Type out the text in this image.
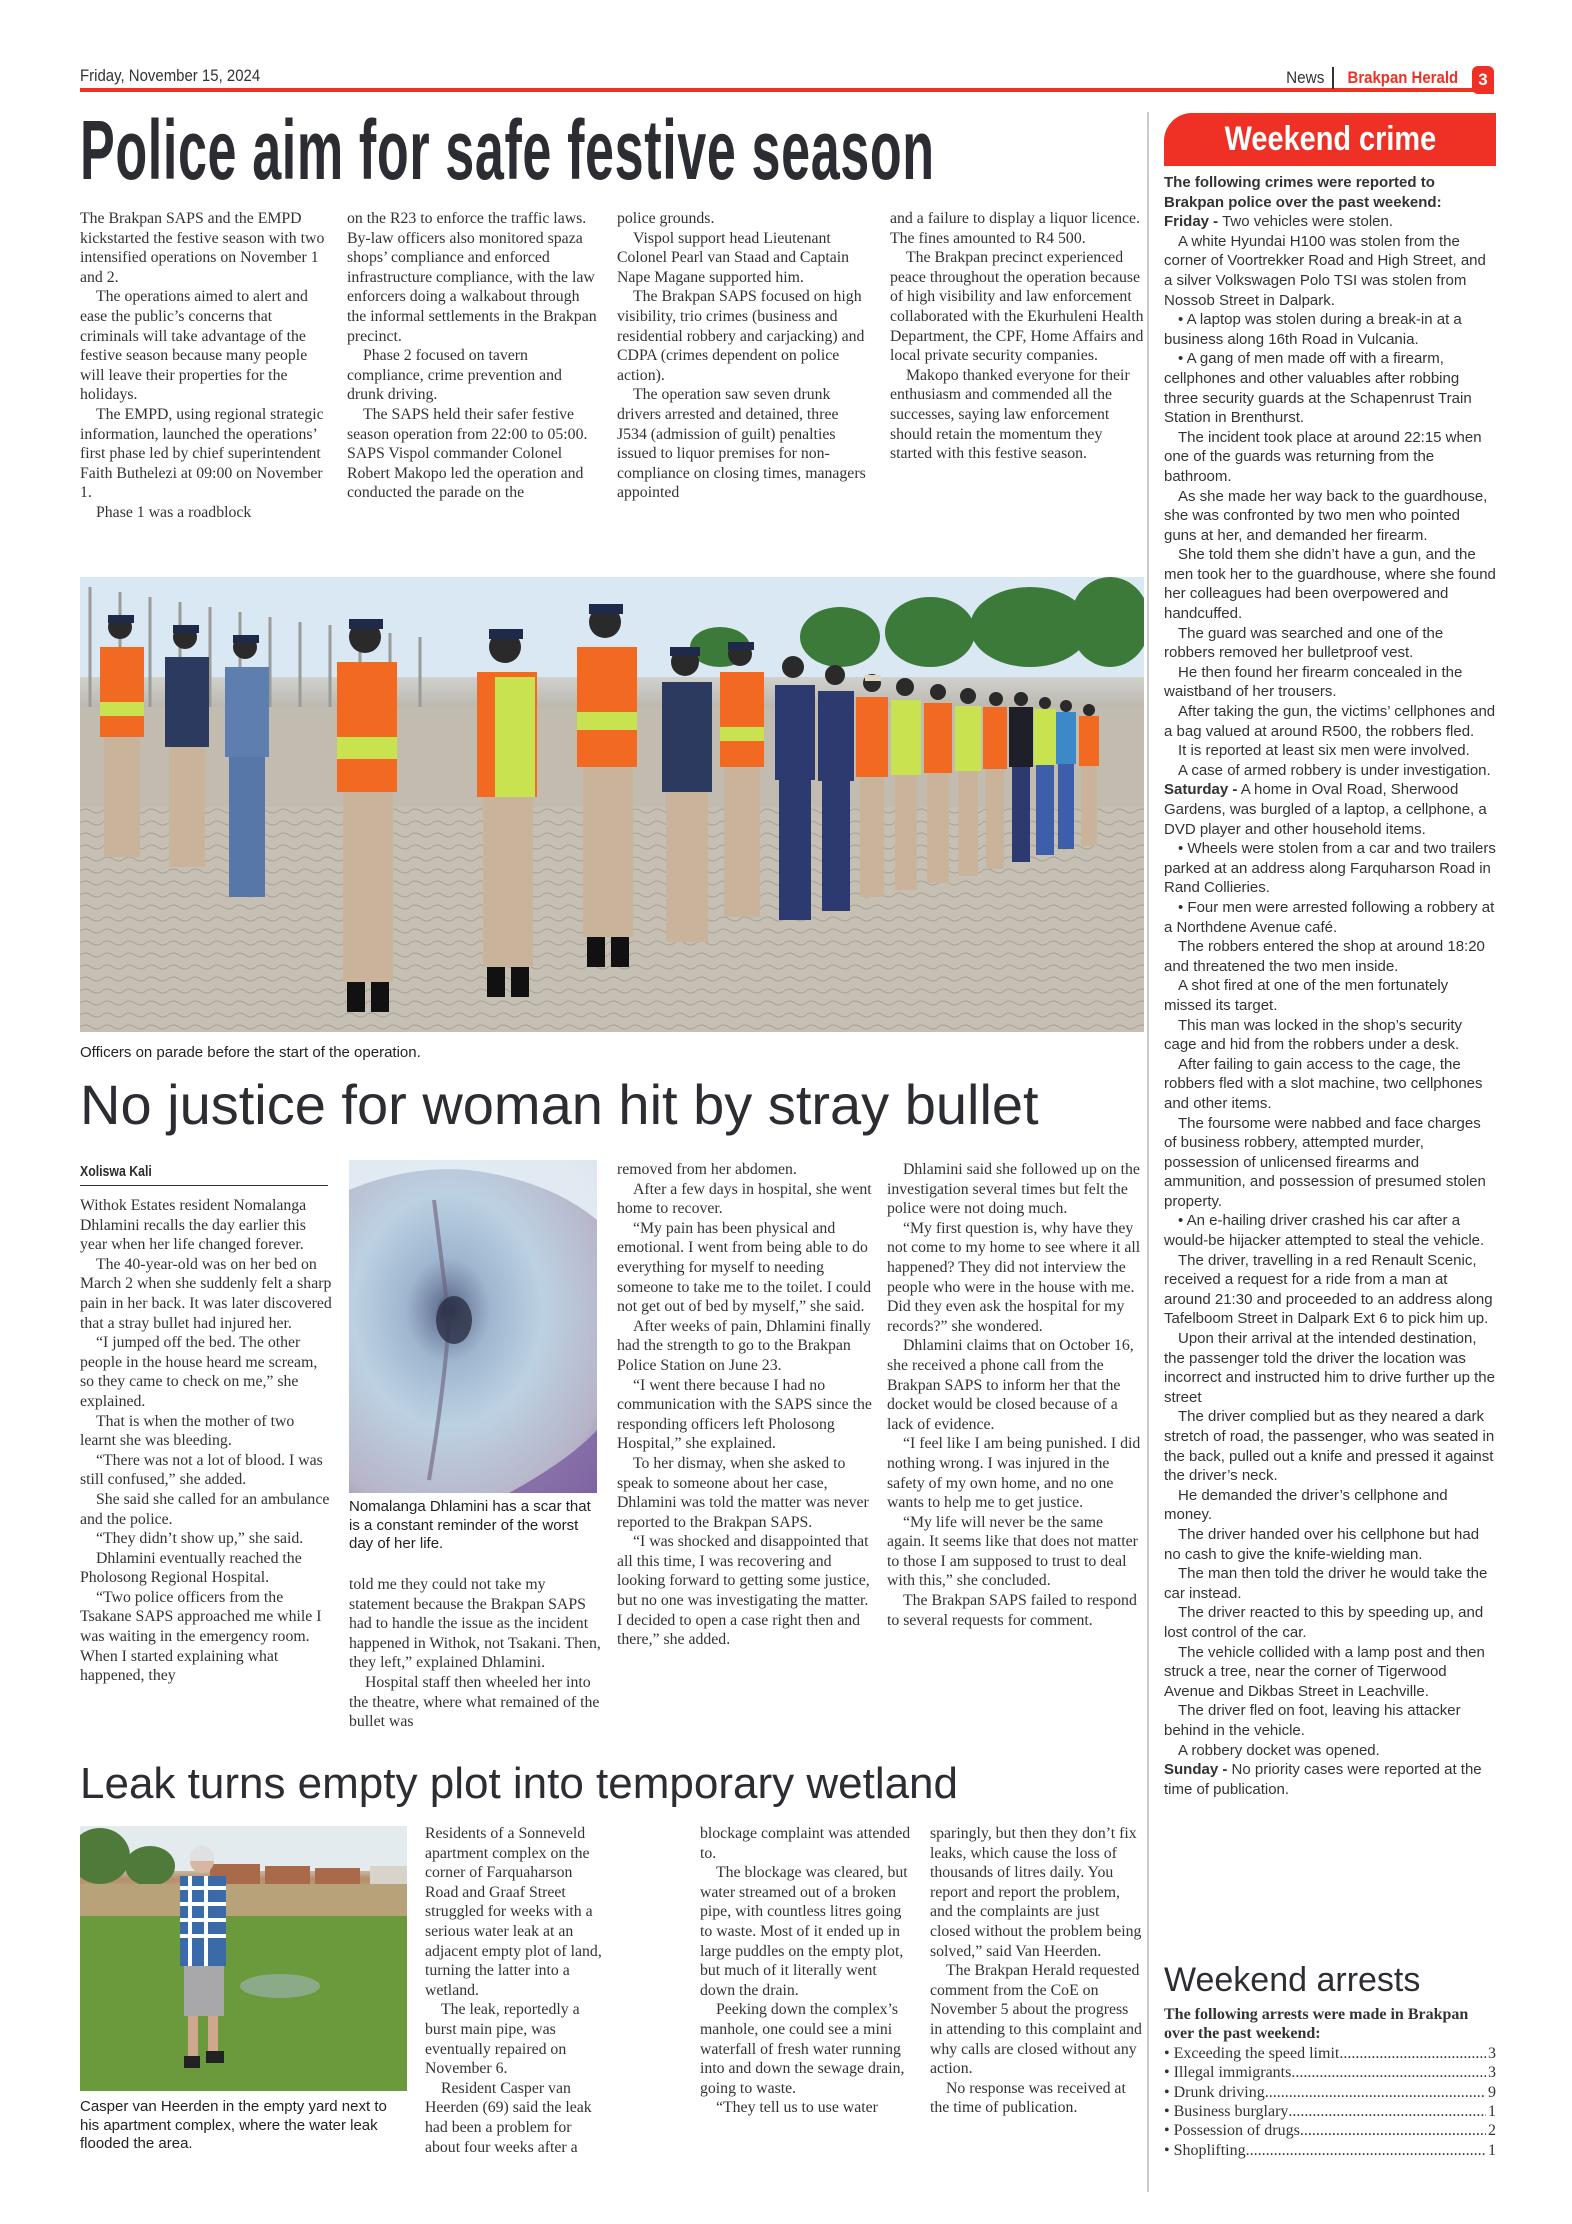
Friday, November 15, 2024	News Brakpan Herald	3
Police aim for safe festive season

The Brakpan SAPS and the EMPD kickstarted the festive season with two intensified operations on November 1 and 2.

The operations aimed to alert and ease the public’s concerns that criminals will take advantage of the festive season because many people will leave their properties for the holidays.

The EMPD, using regional strategic information, launched the operations’ first phase led by chief superintendent Faith Buthelezi at 09:00 on November 1.

Phase 1 was a roadblock

on the R23 to enforce the traffic laws. By-law officers also monitored spaza shops’ compliance and enforced infrastructure compliance, with the law enforcers doing a walkabout through the informal settlements in the Brakpan precinct.

Phase 2 focused on tavern compliance, crime prevention and drunk driving.

The SAPS held their safer festive season operation from 22:00 to 05:00. SAPS Vispol commander Colonel Robert Makopo led the operation and conducted the parade on the

police grounds.

Vispol support head Lieutenant Colonel Pearl van Staad and Captain Nape Magane supported him.

The Brakpan SAPS focused on high visibility, trio crimes (business and residential robbery and carjacking) and CDPA (crimes dependent on police action).

The operation saw seven drunk drivers arrested and detained, three J534 (admission of guilt) penalties issued to liquor premises for non-compliance on closing times, managers appointed

and a failure to display a liquor licence. The fines amounted to R4 500.

The Brakpan precinct experienced peace throughout the operation because of high visibility and law enforcement collaborated with the Ekurhuleni Health Department, the CPF, Home Affairs and local private security companies.

Makopo thanked everyone for their enthusiasm and commended all the successes, saying law enforcement should retain the momentum they started with this festive season.

Officers on parade before the start of the operation.
No justice for woman hit by stray bullet
Xoliswa Kali

Withok Estates resident Nomalanga Dhlamini recalls the day earlier this year when her life changed forever.

The 40-year-old was on her bed on March 2 when she suddenly felt a sharp pain in her back. It was later discovered that a stray bullet had injured her.

“I jumped off the bed. The other people in the house heard me scream, so they came to check on me,” she explained.

That is when the mother of two learnt she was bleeding.

“There was not a lot of blood. I was still confused,” she added.

She said she called for an ambulance and the police.

“They didn’t show up,” she said.

Dhlamini eventually reached the Pholosong Regional Hospital.

“Two police officers from the Tsakane SAPS approached me while I was waiting in the emergency room. When I started explaining what happened, they

Nomalanga Dhlamini has a scar that is a constant reminder of the worst day of her life.

told me they could not take my statement because the Brakpan SAPS had to handle the issue as the incident happened in Withok, not Tsakani. Then, they left,” explained Dhlamini.

Hospital staff then wheeled her into the theatre, where what remained of the bullet was

removed from her abdomen.

After a few days in hospital, she went home to recover.

“My pain has been physical and emotional. I went from being able to do everything for myself to needing someone to take me to the toilet. I could not get out of bed by myself,” she said.

After weeks of pain, Dhlamini finally had the strength to go to the Brakpan Police Station on June 23.

“I went there because I had no communication with the SAPS since the responding officers left Pholosong Hospital,” she explained.

To her dismay, when she asked to speak to someone about her case, Dhlamini was told the matter was never reported to the Brakpan SAPS.

“I was shocked and disappointed that all this time, I was recovering and looking forward to getting some justice, but no one was investigating the matter. I decided to open a case right then and there,” she added.

Dhlamini said she followed up on the investigation several times but felt the police were not doing much.

“My first question is, why have they not come to my home to see where it all happened? They did not interview the people who were in the house with me. Did they even ask the hospital for my records?” she wondered.

Dhlamini claims that on October 16, she received a phone call from the Brakpan SAPS to inform her that the docket would be closed because of a lack of evidence.

“I feel like I am being punished. I did nothing wrong. I was injured in the safety of my own home, and no one wants to help me to get justice.

“My life will never be the same again. It seems like that does not matter to those I am supposed to trust to deal with this,” she concluded.

The Brakpan SAPS failed to respond to several requests for comment.

Leak turns empty plot into temporary wetland
Casper van Heerden in the empty yard next to his apartment complex, where the water leak flooded the area.

Residents of a Sonneveld apartment complex on the corner of Farquaharson Road and Graaf Street struggled for weeks with a serious water leak at an adjacent empty plot of land, turning the latter into a wetland.

The leak, reportedly a burst main pipe, was eventually repaired on November 6.

Resident Casper van Heerden (69) said the leak had been a problem for about four weeks after a

blockage complaint was attended to.

The blockage was cleared, but water streamed out of a broken pipe, with countless litres going to waste. Most of it ended up in large puddles on the empty plot, but much of it literally went down the drain.

Peeking down the complex’s manhole, one could see a mini waterfall of fresh water running into and down the sewage drain, going to waste.

“They tell us to use water

sparingly, but then they don’t fix leaks, which cause the loss of thousands of litres daily. You report and report the problem, and the complaints are just closed without the problem being solved,” said Van Heerden.

The Brakpan Herald requested comment from the CoE on November 5 about the progress in attending to this complaint and why calls are closed without any action.

No response was received at the time of publication.

Weekend crime

The following crimes were reported to Brakpan police over the past weekend:

Friday - Two vehicles were stolen.

A white Hyundai H100 was stolen from the corner of Voortrekker Road and High Street, and a silver Volkswagen Polo TSI was stolen from Nossob Street in Dalpark.

• A laptop was stolen during a break-in at a business along 16th Road in Vulcania.

• A gang of men made off with a firearm, cellphones and other valuables after robbing three security guards at the Schapenrust Train Station in Brenthurst.

The incident took place at around 22:15 when one of the guards was returning from the bathroom.

As she made her way back to the guardhouse, she was confronted by two men who pointed guns at her, and demanded her firearm.

She told them she didn’t have a gun, and the men took her to the guardhouse, where she found her colleagues had been overpowered and handcuffed.

The guard was searched and one of the robbers removed her bulletproof vest.

He then found her firearm concealed in the waistband of her trousers.

After taking the gun, the victims’ cellphones and a bag valued at around R500, the robbers fled.

It is reported at least six men were involved.

A case of armed robbery is under investigation.

Saturday - A home in Oval Road, Sherwood Gardens, was burgled of a laptop, a cellphone, a DVD player and other household items.

• Wheels were stolen from a car and two trailers parked at an address along Farquharson Road in Rand Collieries.

• Four men were arrested following a robbery at a Northdene Avenue café.

The robbers entered the shop at around 18:20 and threatened the two men inside.

A shot fired at one of the men fortunately missed its target.

This man was locked in the shop’s security cage and hid from the robbers under a desk.

After failing to gain access to the cage, the robbers fled with a slot machine, two cellphones and other items.

The foursome were nabbed and face charges of business robbery, attempted murder, possession of unlicensed firearms and ammunition, and possession of presumed stolen property.

• An e-hailing driver crashed his car after a would-be hijacker attempted to steal the vehicle.

The driver, travelling in a red Renault Scenic, received a request for a ride from a man at around 21:30 and proceeded to an address along Tafelboom Street in Dalpark Ext 6 to pick him up.

Upon their arrival at the intended destination, the passenger told the driver the location was incorrect and instructed him to drive further up the street

The driver complied but as they neared a dark stretch of road, the passenger, who was seated in the back, pulled out a knife and pressed it against the driver’s neck.

He demanded the driver’s cellphone and money.

The driver handed over his cellphone but had no cash to give the knife-wielding man.

The man then told the driver he would take the car instead.

The driver reacted to this by speeding up, and lost control of the car.

The vehicle collided with a lamp post and then struck a tree, near the corner of Tigerwood Avenue and Dikbas Street in Leachville.

The driver fled on foot, leaving his attacker behind in the vehicle.

A robbery docket was opened.

Sunday - No priority cases were reported at the time of publication.

Weekend arrests
The following arrests were made in Brakpan over the past weekend:
• Exceeding the speed limit .....	3
• Illegal immigrants .....	3
• Drunk driving .....	9
• Business burglary .....	1
• Possession of drugs .....	2
• Shoplifting .....	1
